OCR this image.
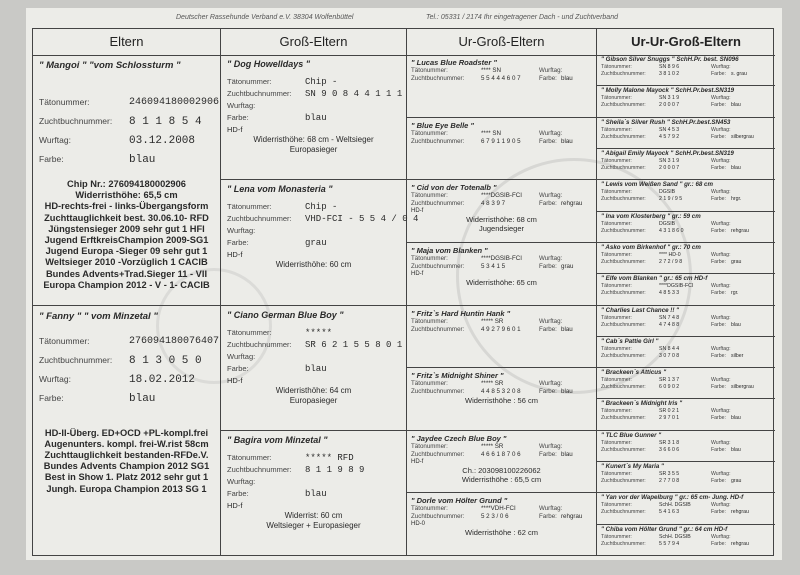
Deutscher Rassehunde Verband e.V. 38304 Wolfenbüttel	Tel.: 05331 / 2174 Ihr eingetragener Dach - und Zuchtverband
Eltern
" Mangoi " "vom Schlossturm "
Tätonummer:	246094180002906
Zuchtbuchnummer: 8 1 1 8 5 4
Wurftag:	03.12.2008
Farbe:	blau
Chip Nr.: 276094180002906
Widerristhöhe: 65,5 cm
HD-rechts-frei - links-Übergangsform
Zuchttauglichkeit best. 30.06.10- RFD
Jüngstensieger 2009 sehr gut 1 HFI
Jugend ErftkreisChampion 2009-SG1
Jugend Europa -Sieger 09 sehr gut 1
Weltsieger 2010 -Vorzüglich 1 CACIB
Bundes Advents+Trad.Sieger 11 - VII
Europa Champion 2012 - V - 1- CACIB
" Fanny " " vom Minzetal "
Tätonummer:	276094180076407
Zuchtbuchnummer: 8 1 3 0 5 0
Wurftag:	18.02.2012
Farbe:	blau
HD-II-Überg. ED+OCD +PL-kompl.frei
Augenunters. kompl. frei-W.rist 58cm
Zuchttauglichkeit bestanden-RFDe.V.
Bundes Advents Champion 2012 SG1
Best in Show 1. Platz 2012 sehr gut 1
Jungh. Europa Champion 2013 SG 1
Groß-Eltern
" Dog Howelldays "
Tätonummer:	Chip -
Zuchtbuchnummer: SN 9 0 8 4 4 1 1 1
Wurftag:
Farbe:	blau
HD-f
Widerristhöhe: 68 cm - Weltsieger
Europasieger
" Lena vom Monasteria "
Tätonummer:	Chip -
Zuchtbuchnummer: VHD-FCI - 5 5 4 / 0 4
Wurftag:
Farbe:	grau
HD-f
Widerristhöhe: 60 cm
" Ciano German Blue Boy "
Tätonummer:	*****
Zuchtbuchnummer: SR 6 2 1 5 5 8 0 1
Wurftag:
Farbe:	blau
HD-f
Widerristhöhe: 64 cm
Europasieger
" Bagira vom Minzetal "
Tätonummer:	***** RFD
Zuchtbuchnummer: 8 1 1 9 8 9
Wurftag:
Farbe:	blau
HD-f
Widerrist: 60 cm
Weltsieger + Europasieger
Ur-Groß-Eltern
" Lucas Blue Roadster "
Tätonummer:	**** SN	Wurftag:
Zuchtbuchnummer:	5 5 4 4 4 6 0 7	Farbe: blau
" Blue Eye Belle "
Tätonummer:	**** SN	Wurftag:
Zuchtbuchnummer:	6 7 9 1 1 9 0 5	Farbe: blau
" Cid von der Totenalb "
Tätonummer:	****DGSIB-FCI	Wurftag:
Zuchtbuchnummer:	4 8 3 9 7	Farbe: rehgrau
HD-f
Widerristhöhe: 68 cm
Jugendsieger
" Maja vom Blanken "
Tätonummer:	****DGSIB-FCI	Wurftag:
Zuchtbuchnummer:	5 3 4 1 5	Farbe: grau
HD-f
Widerristhöhe: 65 cm
" Fritz`s Hard Huntin Hank "
Tätonummer:	***** SR	Wurftag:
Zuchtbuchnummer:	4 9 2 7 9 6 0 1	Farbe: blau
" Fritz`s Midnight Shiner "
Tätonummer:	***** SR	Wurftag:
Zuchtbuchnummer:	4 4 8 5 3 2 0 8	Farbe: blau
Widerristhöhe : 56 cm
" Jaydee Czech Blue Boy "
Tätonummer:	***** SR	Wurftag:
Zuchtbuchnummer:	4 6 6 1 8 7 0 6	Farbe: blau
HD-f
Ch.: 203098100226062
Widerristhöhe : 65,5 cm
" Dorle vom Hölter Grund "
Tätonummer:	****VDH-FCI	Wurftag:
Zuchtbuchnummer:	5 2 3 / 0 6	Farbe: rehgrau
HD-0
Widerristhöhe : 62 cm
Ur-Ur-Groß-Eltern
" Gibson Silver Snuggs " SchH.Pr. best. SN096
Tätonummer:	SN 8 9 6	Wurftag:
Zuchtbuchnummer:	3 8 1 0 2	Farbe: s. grau
" Molly Malone Mayock " SchH.Pr.best.SN319
Tätonummer:	SN 3 1 9	Wurftag:
Zuchtbuchnummer:	2 0 0 0 7	Farbe: blau
" Sheila`s Silver Rush " SchH.Pr.best.SN453
Tätonummer:	SN 4 5 3	Wurftag:
Zuchtbuchnummer:	4 5 7 9 2	Farbe: silbergrau
" Abigail Emily Mayock " SchH.Pr.best.SN319
Tätonummer:	SN 3 1 9	Wurftag:
Zuchtbuchnummer:	2 0 0 0 7	Farbe: blau
" Lewis vom Weißen Sand " gr.: 68 cm
Tätonummer:	DGSIB	Wurftag:
Zuchtbuchnummer:	2 1 9 / 9 5	Farbe: hrgr.
" Ina vom Klosterberg " gr.: 59 cm
Tätonummer:	DGSIB	Wurftag:
Zuchtbuchnummer:	4 3 1 8 6 0	Farbe: rehgrau
" Asko vom Birkenhof " gr.: 70 cm
Tätonummer:	**** HD-0	Wurftag:
Zuchtbuchnummer:	2 7 2 / 9 8	Farbe: grau
" Elfe vom Blanken " gr.: 65 cm HD-f
Tätonummer:	****DGSIB-FCI	Wurftag:
Zuchtbuchnummer:	4 8 5 3 3	Farbe: rgr.
" Charlies Last Chance !! "
Tätonummer:	SN 7 4 8	Wurftag:
Zuchtbuchnummer:	4 7 4 8 8	Farbe: blau
" Cab`s Pattie Girl "
Tätonummer:	SN 8 4 4	Wurftag:
Zuchtbuchnummer:	3 0 7 0 8	Farbe: silber
" Brackeen`s Atticus "
Tätonummer:	SR 1 3 7	Wurftag:
Zuchtbuchnummer:	6 0 9 0 2	Farbe: silbergrau
" Brackeen`s Midnight Iris "
Tätonummer:	SR 0 2 1	Wurftag:
Zuchtbuchnummer:	2 9 7 0 1	Farbe: blau
" TLC Blue Gunner "
Tätonummer:	SR 3 1 8	Wurftag:
Zuchtbuchnummer:	3 6 6 0 6	Farbe: blau
" Kunert`s My Maria "
Tätonummer:	SR 3 5 5	Wurftag:
Zuchtbuchnummer:	2 7 7 0 8	Farbe: grau
" Yan vor der Wapelburg " gr.: 65 cm- Jung. HD-f
Tätonummer:	SchH. DGSIB	Wurftag:
Zuchtbuchnummer:	5 4 1 6 3	Farbe: rehgrau
" Chiba vom Hölter Grund " gr.: 64 cm HD-f
Tätonummer:	SchH. DGSIB	Wurftag:
Zuchtbuchnummer:	5 5 7 9 4	Farbe: rehgrau
